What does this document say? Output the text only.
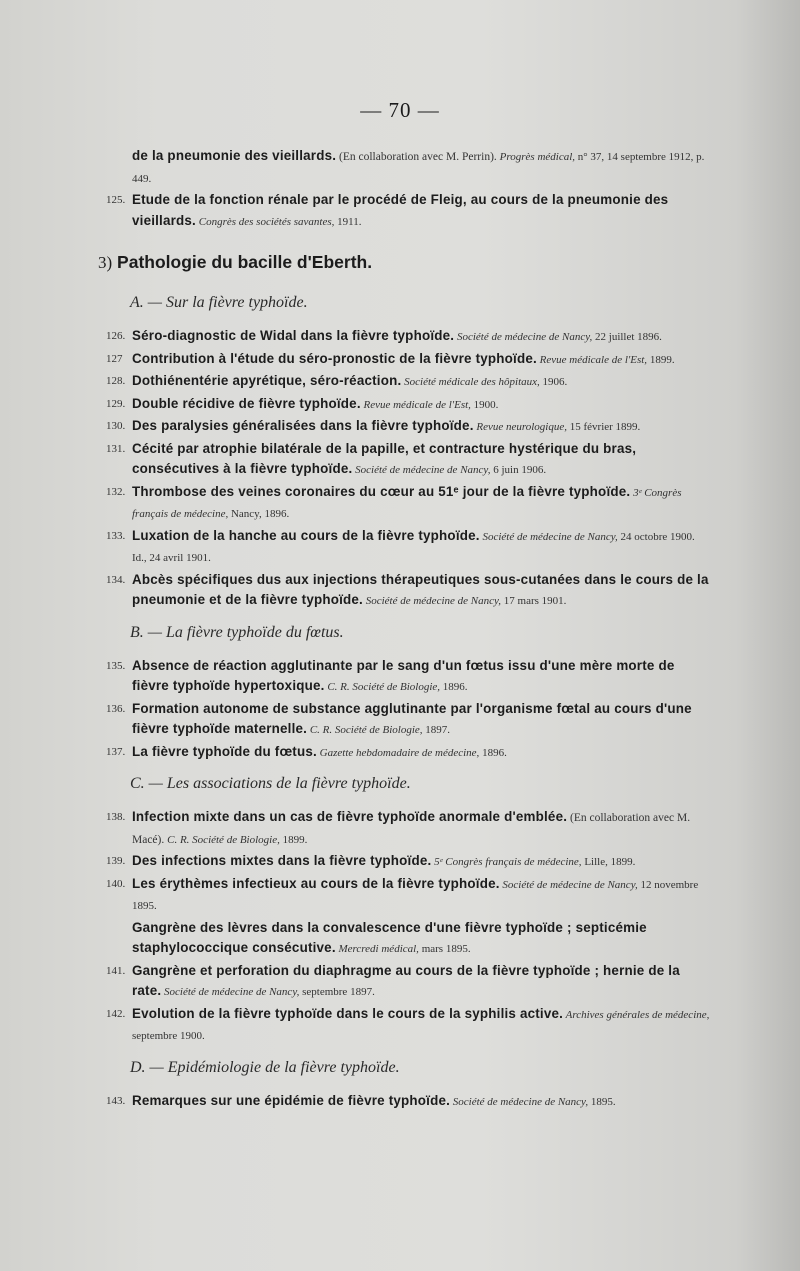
— 70 —
de la pneumonie des vieillards. (En collaboration avec M. Perrin). Progrès médical, n° 37, 14 septembre 1912, p. 449.
125. Etude de la fonction rénale par le procédé de Fleig, au cours de la pneumonie des vieillards. Congrès des sociétés savantes, 1911.
3) Pathologie du bacille d'Eberth.
A. — Sur la fièvre typhoïde.
126. Séro-diagnostic de Widal dans la fièvre typhoïde. Société de médecine de Nancy, 22 juillet 1896.
127 Contribution à l'étude du séro-pronostic de la fièvre typhoïde. Revue médicale de l'Est, 1899.
128. Dothiénentérie apyrétique, séro-réaction. Société médicale des hôpitaux, 1906.
129. Double récidive de fièvre typhoïde. Revue médicale de l'Est, 1900.
130. Des paralysies généralisées dans la fièvre typhoïde. Revue neurologique, 15 février 1899.
131. Cécité par atrophie bilatérale de la papille, et contracture hystérique du bras, consécutives à la fièvre typhoïde. Société de médecine de Nancy, 6 juin 1906.
132. Thrombose des veines coronaires du cœur au 51ᵉ jour de la fièvre typhoïde. 3ᵉ Congrès français de médecine, Nancy, 1896.
133. Luxation de la hanche au cours de la fièvre typhoïde. Société de médecine de Nancy, 24 octobre 1900. Id., 24 avril 1901.
134. Abcès spécifiques dus aux injections thérapeutiques sous-cutanées dans le cours de la pneumonie et de la fièvre typhoïde. Société de médecine de Nancy, 17 mars 1901.
B. — La fièvre typhoïde du fœtus.
135. Absence de réaction agglutinante par le sang d'un fœtus issu d'une mère morte de fièvre typhoïde hypertoxique. C. R. Société de Biologie, 1896.
136. Formation autonome de substance agglutinante par l'organisme fœtal au cours d'une fièvre typhoïde maternelle. C. R. Société de Biologie, 1897.
137. La fièvre typhoïde du fœtus. Gazette hebdomadaire de médecine, 1896.
C. — Les associations de la fièvre typhoïde.
138. Infection mixte dans un cas de fièvre typhoïde anormale d'emblée. (En collaboration avec M. Macé). C. R. Société de Biologie, 1899.
139. Des infections mixtes dans la fièvre typhoïde. 5ᵉ Congrès français de médecine, Lille, 1899.
140. Les érythèmes infectieux au cours de la fièvre typhoïde. Société de médecine de Nancy, 12 novembre 1895.
Gangrène des lèvres dans la convalescence d'une fièvre typhoïde ; septicémie staphylococcique consécutive. Mercredi médical, mars 1895.
141. Gangrène et perforation du diaphragme au cours de la fièvre typhoïde ; hernie de la rate. Société de médecine de Nancy, septembre 1897.
142. Evolution de la fièvre typhoïde dans le cours de la syphilis active. Archives générales de médecine, septembre 1900.
D. — Epidémiologie de la fièvre typhoïde.
143. Remarques sur une épidémie de fièvre typhoïde. Société de médecine de Nancy, 1895.
